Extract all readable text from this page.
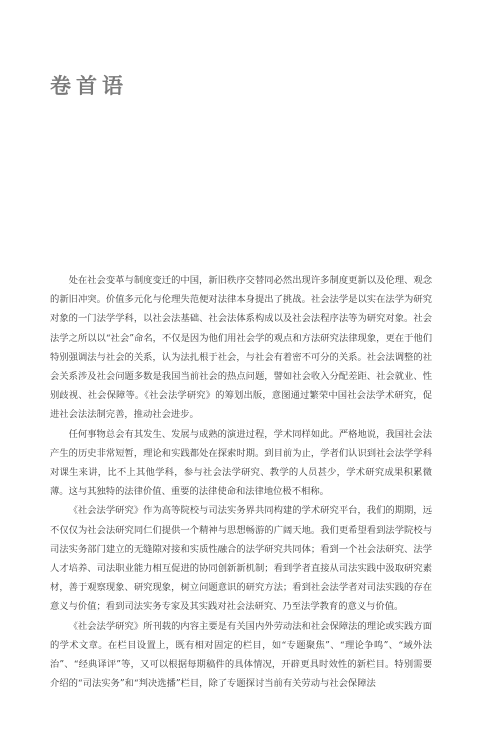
卷首语

处在社会变革与制度变迁的中国，新旧秩序交替同必然出现许多制度更新以及伦理、观念的新旧冲突。价值多元化与伦理失范便对法律本身提出了挑战。社会法学是以实在法学为研究对象的一门法学学科，以社会法基础、社会法体系构成以及社会法程序法等为研究对象。社会法学之所以以“社会”命名，不仅是因为他们用社会学的观点和方法研究法律现象，更在于他们特别强调法与社会的关系，认为法扎根于社会，与社会有着密不可分的关系。社会法调整的社会关系涉及社会问题多数是我国当前社会的热点问题，譬如社会收入分配差距、社会就业、性别歧视、社会保障等。《社会法学研究》的筹划出版，意图通过繁荣中国社会法学术研究，促进社会法法制完善，推动社会进步。

任何事物总会有其发生、发展与成熟的演进过程，学术同样如此。严格地说，我国社会法产生的历史非常短暂，理论和实践都处在探索时期。到目前为止，学者们认识到社会法学学科对课生来讲，比不上其他学科，参与社会法学研究、教学的人员甚少，学术研究成果积累微薄。这与其独特的法律价值、重要的法律使命和法律地位极不相称。

《社会法学研究》作为高等院校与司法实务界共同构建的学术研究平台，我们的期期，远不仅仅为社会法研究同仁们提供一个精神与思想畅游的广阔天地。我们更希望看到法学院校与司法实务部门建立的无缝隙对接和实质性融合的法学研究共同体；看到一个社会法研究、法学人才培养、司法职业能力相互促进的协同创新新机制；看到学者直接从司法实践中汲取研究素材，善于观察现象、研究现象，树立问题意识的研究方法；看到社会法学者对司法实践的存在意义与价值；看到司法实务专家及其实践对社会法研究、乃至法学教育的意义与价值。

《社会法学研究》所刊载的内容主要是有关国内外劳动法和社会保障法的理论或实践方面的学术文章。在栏目设置上，既有相对固定的栏目，如“专题聚焦”、“理论争鸣”、“域外法治”、“经典译评”等，又可以根据每期稿件的具体情况，开辟更具时效性的新栏目。特别需要介绍的“司法实务”和“判决选播”栏目，除了专题探讨当前有关劳动与社会保障法
